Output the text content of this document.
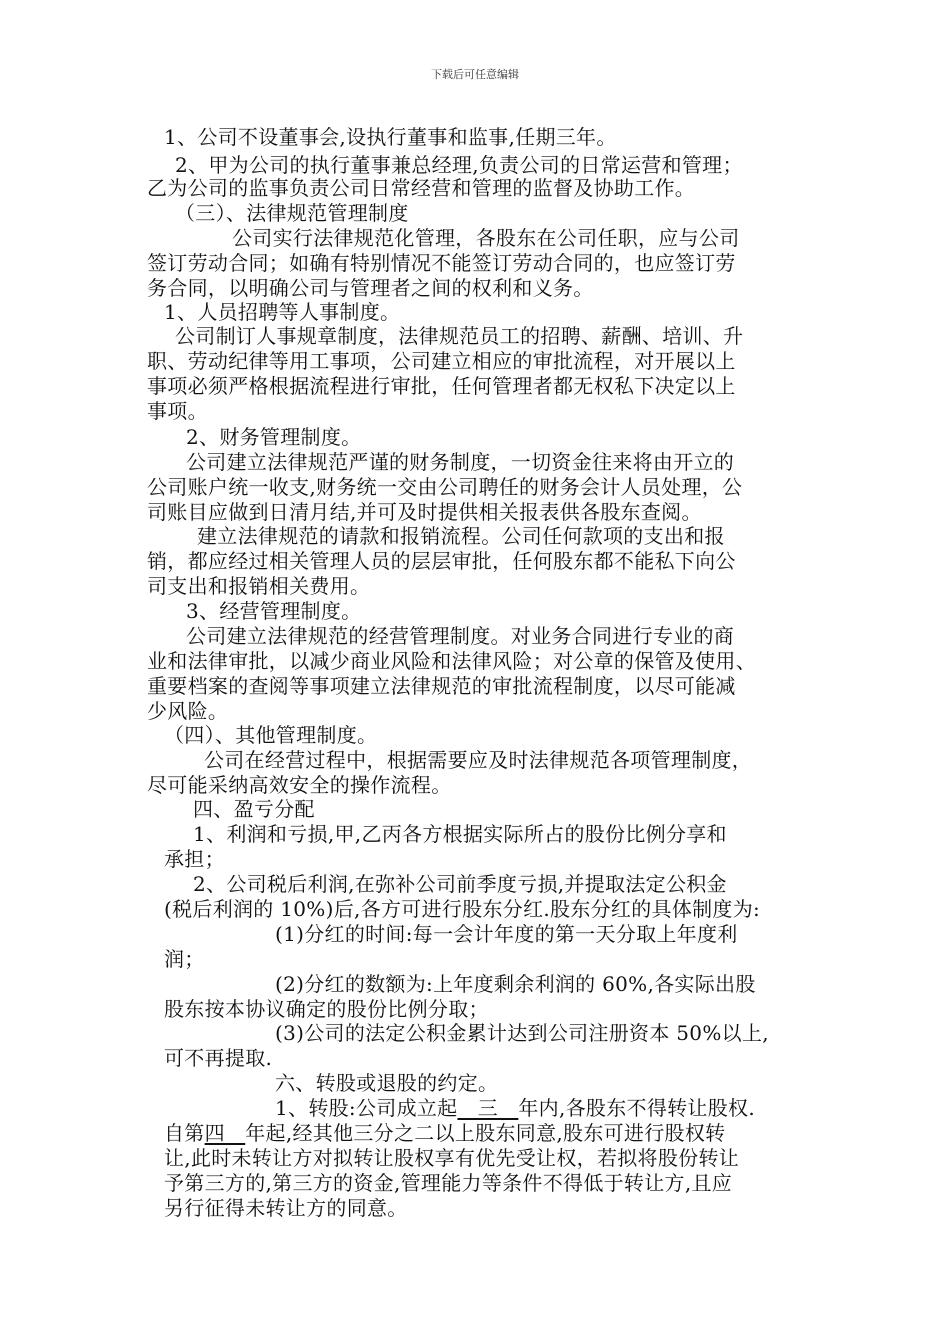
下载后可任意编辑
1、公司不设董事会,设执行董事和监事,任期三年。
2、甲为公司的执行董事兼总经理,负责公司的日常运营和管理；
乙为公司的监事负责公司日常经营和管理的监督及协助工作。
（三）、法律规范管理制度
公司实行法律规范化管理，各股东在公司任职，应与公司
签订劳动合同；如确有特别情况不能签订劳动合同的，也应签订劳
务合同，以明确公司与管理者之间的权利和义务。
1、人员招聘等人事制度。
公司制订人事规章制度，法律规范员工的招聘、薪酬、培训、升
职、劳动纪律等用工事项，公司建立相应的审批流程，对开展以上
事项必须严格根据流程进行审批，任何管理者都无权私下决定以上
事项。
2、财务管理制度。
公司建立法律规范严谨的财务制度，一切资金往来将由开立的
公司账户统一收支,财务统一交由公司聘任的财务会计人员处理，公
司账目应做到日清月结,并可及时提供相关报表供各股东查阅。
建立法律规范的请款和报销流程。公司任何款项的支出和报
销，都应经过相关管理人员的层层审批，任何股东都不能私下向公
司支出和报销相关费用。
3、经营管理制度。
公司建立法律规范的经营管理制度。对业务合同进行专业的商
业和法律审批，以减少商业风险和法律风险；对公章的保管及使用、
重要档案的查阅等事项建立法律规范的审批流程制度，以尽可能减
少风险。
（四）、其他管理制度。
公司在经营过程中，根据需要应及时法律规范各项管理制度，
尽可能采纳高效安全的操作流程。
四、盈亏分配
1、利润和亏损,甲,乙丙各方根据实际所占的股份比例分享和
承担；
2、公司税后利润,在弥补公司前季度亏损,并提取法定公积金
(税后利润的 10%)后,各方可进行股东分红.股东分红的具体制度为:
(1)分红的时间:每一会计年度的第一天分取上年度利
润；
(2)分红的数额为:上年度剩余利润的 60%,各实际出股
股东按本协议确定的股份比例分取；
(3)公司的法定公积金累计达到公司注册资本 50%以上,
可不再提取.
六、转股或退股的约定。
1、转股:公司成立起　三　年内,各股东不得转让股权.
自第四　年起,经其他三分之二以上股东同意,股东可进行股权转
让,此时未转让方对拟转让股权享有优先受让权，若拟将股份转让
予第三方的,第三方的资金,管理能力等条件不得低于转让方,且应
另行征得未转让方的同意。
